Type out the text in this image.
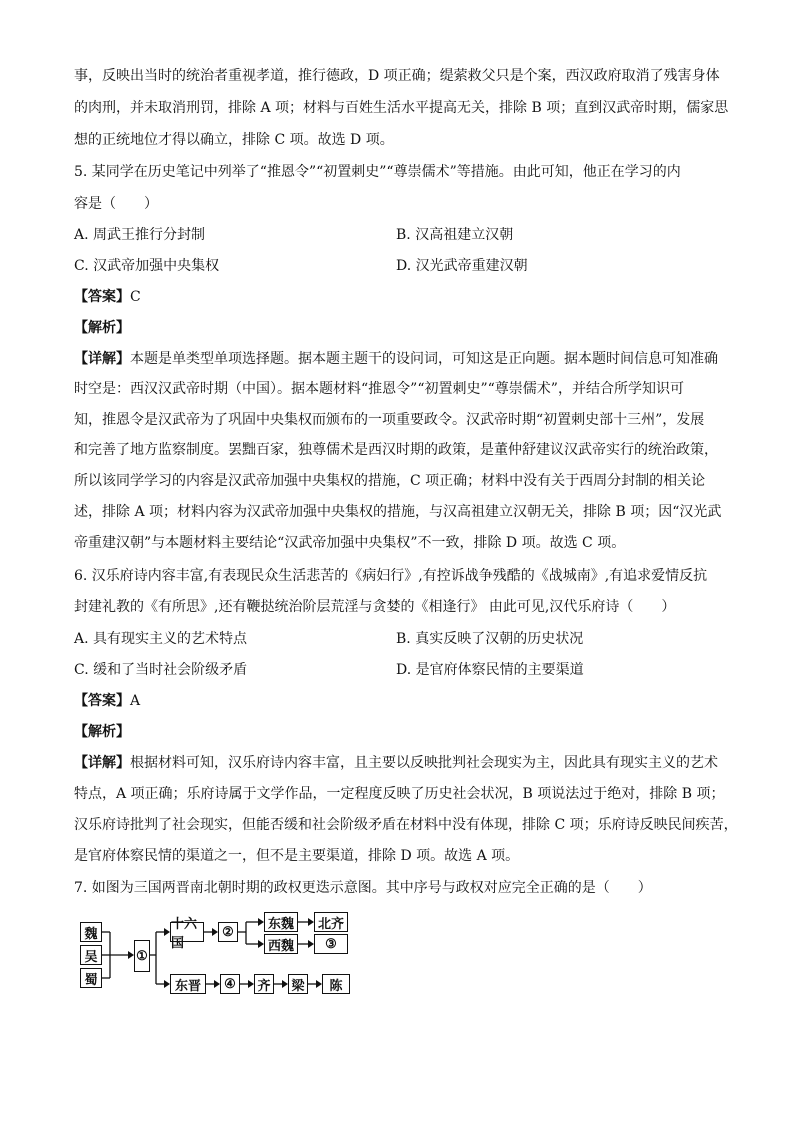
事，反映出当时的统治者重视孝道，推行德政，D 项正确；缇萦救父只是个案，西汉政府取消了残害身体
的肉刑，并未取消刑罚，排除 A 项；材料与百姓生活水平提高无关，排除 B 项；直到汉武帝时期，儒家思
想的正统地位才得以确立，排除 C 项。故选 D 项。
5. 某同学在历史笔记中列举了“推恩令”“初置刺史”“尊崇儒术”等措施。由此可知，他正在学习的内
容是（　　）
A. 周武王推行分封制	B. 汉高祖建立汉朝
C. 汉武帝加强中央集权	D. 汉光武帝重建汉朝
【答案】C
【解析】
【详解】本题是单类型单项选择题。据本题主题干的设问词，可知这是正向题。据本题时间信息可知准确
时空是：西汉汉武帝时期（中国）。据本题材料“推恩令”“初置刺史”“尊崇儒术”，并结合所学知识可
知，推恩令是汉武帝为了巩固中央集权而颁布的一项重要政令。汉武帝时期“初置刺史部十三州”，发展
和完善了地方监察制度。罢黜百家，独尊儒术是西汉时期的政策，是董仲舒建议汉武帝实行的统治政策，
所以该同学学习的内容是汉武帝加强中央集权的措施，C 项正确；材料中没有关于西周分封制的相关论
述，排除 A 项；材料内容为汉武帝加强中央集权的措施，与汉高祖建立汉朝无关，排除 B 项；因“汉光武
帝重建汉朝”与本题材料主要结论“汉武帝加强中央集权”不一致，排除 D 项。故选 C 项。
6. 汉乐府诗内容丰富,有表现民众生活悲苦的《病妇行》,有控诉战争残酷的《战城南》,有追求爱情反抗
封建礼教的《有所思》,还有鞭挞统治阶层荒淫与贪婪的《相逢行》 由此可见,汉代乐府诗（　　）
A. 具有现实主义的艺术特点	B. 真实反映了汉朝的历史状况
C. 缓和了当时社会阶级矛盾	D. 是官府体察民情的主要渠道
【答案】A
【解析】
【详解】根据材料可知，汉乐府诗内容丰富，且主要以反映批判社会现实为主，因此具有现实主义的艺术
特点，A 项正确；乐府诗属于文学作品，一定程度反映了历史社会状况，B 项说法过于绝对，排除 B 项；
汉乐府诗批判了社会现实，但能否缓和社会阶级矛盾在材料中没有体现，排除 C 项；乐府诗反映民间疾苦，
是官府体察民情的渠道之一，但不是主要渠道，排除 D 项。故选 A 项。
7. 如图为三国两晋南北朝时期的政权更迭示意图。其中序号与政权对应完全正确的是（　　）
魏
吴
蜀
①
十六国
②
东魏
西魏
北齐
③
东晋	④	齐 梁	陈
